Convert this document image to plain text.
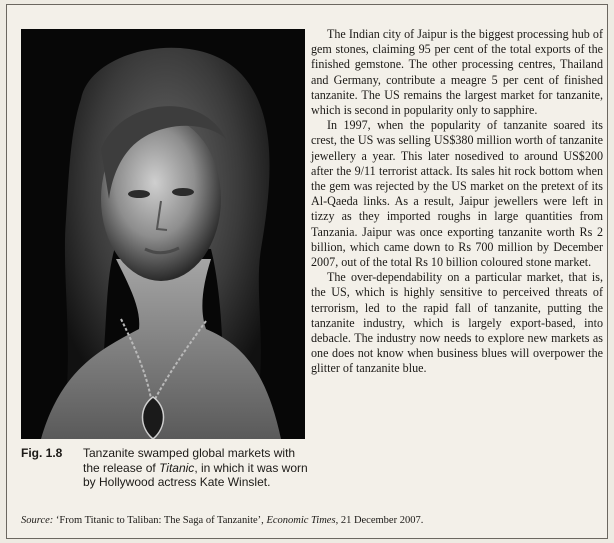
Fig. 1.8 Tanzanite swamped global markets with the release of Titanic, in which it was worn by Hollywood actress Kate Winslet.

The Indian city of Jaipur is the biggest processing hub of gem stones, claiming 95 per cent of the total exports of the finished gemstone. The other processing centres, Thailand and Germany, contribute a meagre 5 per cent of finished tanzanite. The US remains the largest market for tanzanite, which is second in popularity only to sapphire.

In 1997, when the popularity of tanzanite soared its crest, the US was selling US$380 million worth of tanzanite jewellery a year. This later nosedived to around US$200 after the 9/11 terrorist attack. Its sales hit rock bottom when the gem was rejected by the US market on the pretext of its Al-Qaeda links. As a result, Jaipur jewellers were left in tizzy as they imported roughs in large quantities from Tanzania. Jaipur was once exporting tanzanite worth Rs 2 billion, which came down to Rs 700 million by December 2007, out of the total Rs 10 billion coloured stone market.

The over-dependability on a particular market, that is, the US, which is highly sensitive to perceived threats of terrorism, led to the rapid fall of tanzanite, putting the tanzanite industry, which is largely export-based, into debacle. The industry now needs to explore new markets as one does not know when business blues will overpower the glitter of tanzanite blue.

Source: ‘From Titanic to Taliban: The Saga of Tanzanite’, Economic Times, 21 December 2007.
